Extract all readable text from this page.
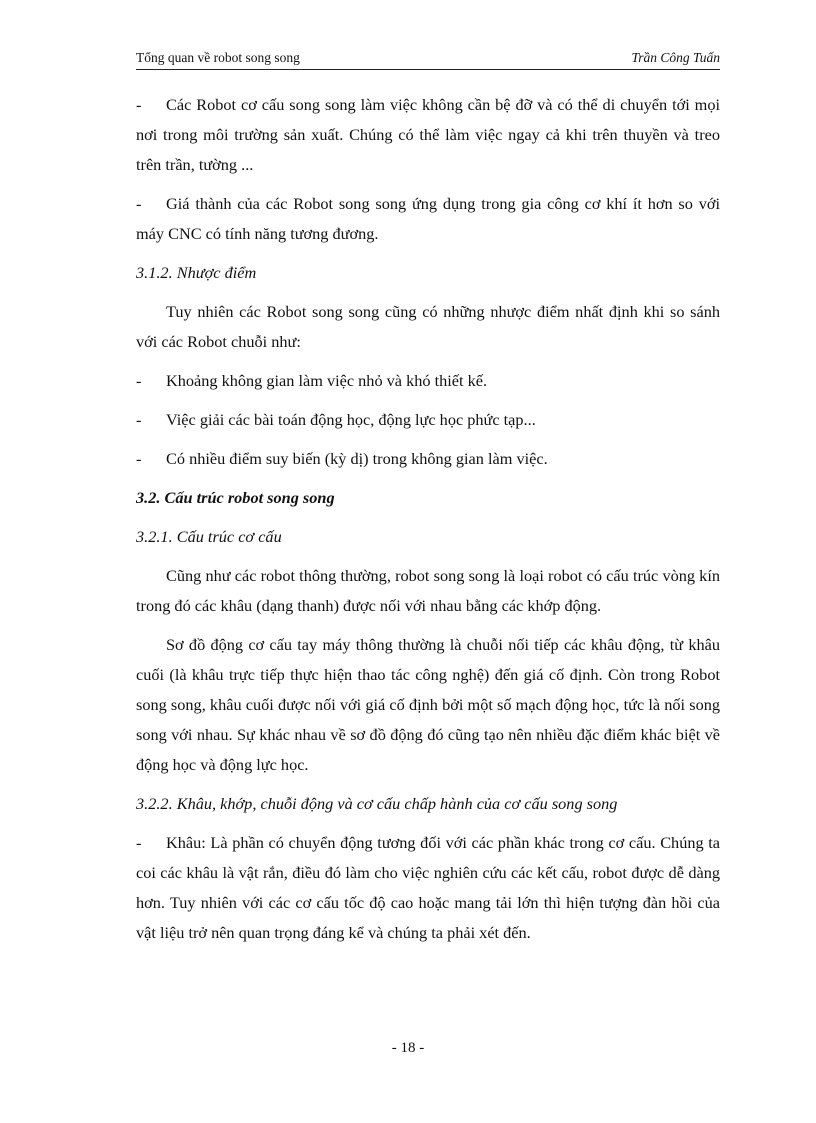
Tổng quan về robot song song	Trần Công Tuấn

- Các Robot cơ cấu song song làm việc không cần bệ đỡ và có thể di chuyển tới mọi nơi trong môi trường sản xuất. Chúng có thể làm việc ngay cả khi trên thuyền và treo trên trần, tường ...

- Giá thành của các Robot song song ứng dụng trong gia công cơ khí ít hơn so với máy CNC có tính năng tương đương.

3.1.2. Nhược điểm

Tuy nhiên các Robot song song cũng có những nhược điểm nhất định khi so sánh với các Robot chuỗi như:

- Khoảng không gian làm việc nhỏ và khó thiết kế.

- Việc giải các bài toán động học, động lực học phức tạp...

- Có nhiều điểm suy biến (kỳ dị) trong không gian làm việc.

3.2. Cấu trúc robot song song

3.2.1. Cấu trúc cơ cấu

Cũng như các robot thông thường, robot song song là loại robot có cấu trúc vòng kín trong đó các khâu (dạng thanh) được nối với nhau bằng các khớp động.

Sơ đồ động cơ cấu tay máy thông thường là chuỗi nối tiếp các khâu động, từ khâu cuối (là khâu trực tiếp thực hiện thao tác công nghệ) đến giá cố định. Còn trong Robot song song, khâu cuối được nối với giá cố định bởi một số mạch động học, tức là nối song song với nhau. Sự khác nhau về sơ đồ động đó cũng tạo nên nhiều đặc điểm khác biệt về động học và động lực học.

3.2.2. Khâu, khớp, chuỗi động và cơ cấu chấp hành của cơ cấu song song

- Khâu: Là phần có chuyển động tương đối với các phần khác trong cơ cấu. Chúng ta coi các khâu là vật rắn, điều đó làm cho việc nghiên cứu các kết cấu, robot được dễ dàng hơn. Tuy nhiên với các cơ cấu tốc độ cao hoặc mang tải lớn thì hiện tượng đàn hồi của vật liệu trở nên quan trọng đáng kể và chúng ta phải xét đến.

- 18 -
